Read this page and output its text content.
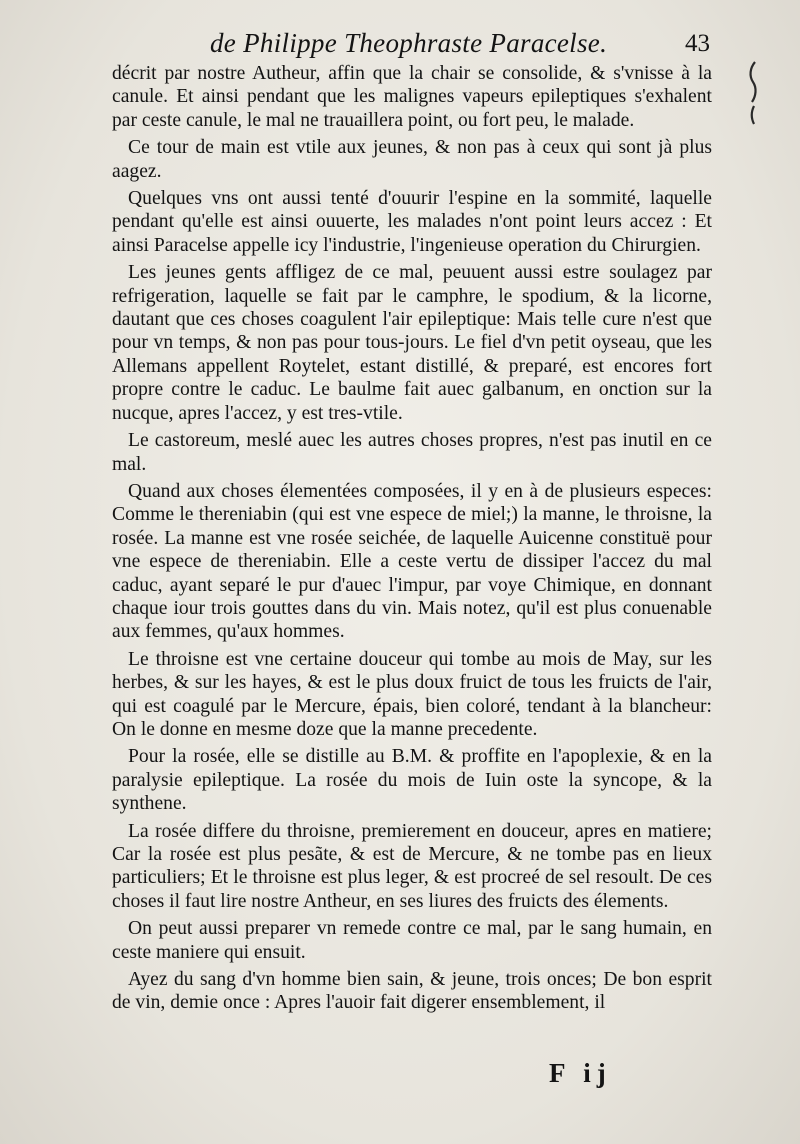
de Philippe Theophraste Paracelse.	43

décrit par nostre Autheur, affin que la chair se consolide, & s'vnisse à la canule. Et ainsi pendant que les malignes vapeurs epileptiques s'exhalent par ceste canule, le mal ne trauaillera point, ou fort peu, le malade.

Ce tour de main est vtile aux jeunes, & non pas à ceux qui sont jà plus aagez.

Quelques vns ont aussi tenté d'ouurir l'espine en la sommité, laquelle pendant qu'elle est ainsi ouuerte, les malades n'ont point leurs accez : Et ainsi Paracelse appelle icy l'industrie, l'ingenieuse operation du Chirurgien.

Les jeunes gents affligez de ce mal, peuuent aussi estre soulagez par refrigeration, laquelle se fait par le camphre, le spodium, & la licorne, dautant que ces choses coagulent l'air epileptique: Mais telle cure n'est que pour vn temps, & non pas pour tous-jours. Le fiel d'vn petit oyseau, que les Allemans appellent Roytelet, estant distillé, & preparé, est encores fort propre contre le caduc. Le baulme fait auec galbanum, en onction sur la nucque, apres l'accez, y est tres-vtile.

Le castoreum, meslé auec les autres choses propres, n'est pas inutil en ce mal.

Quand aux choses élementées composées, il y en à de plusieurs especes: Comme le thereniabin (qui est vne espece de miel;) la manne, le throisne, la rosée. La manne est vne rosée seichée, de laquelle Auicenne constituë pour vne espece de thereniabin. Elle a ceste vertu de dissiper l'accez du mal caduc, ayant separé le pur d'auec l'impur, par voye Chimique, en donnant chaque iour trois gouttes dans du vin. Mais notez, qu'il est plus conuenable aux femmes, qu'aux hommes.

Le throisne est vne certaine douceur qui tombe au mois de May, sur les herbes, & sur les hayes, & est le plus doux fruict de tous les fruicts de l'air, qui est coagulé par le Mercure, épais, bien coloré, tendant à la blancheur: On le donne en mesme doze que la manne precedente.

Pour la rosée, elle se distille au B.M. & proffite en l'apoplexie, & en la paralysie epileptique. La rosée du mois de Iuin oste la syncope, & la synthene.

La rosée differe du throisne, premierement en douceur, apres en matiere; Car la rosée est plus pesãte, & est de Mercure, & ne tombe pas en lieux particuliers; Et le throisne est plus leger, & est procreé de sel resoult. De ces choses il faut lire nostre Antheur, en ses liures des fruicts des élements.

On peut aussi preparer vn remede contre ce mal, par le sang humain, en ceste maniere qui ensuit.

Ayez du sang d'vn homme bien sain, & jeune, trois onces; De bon esprit de vin, demie once : Apres l'auoir fait digerer ensemblement, il

F ij
